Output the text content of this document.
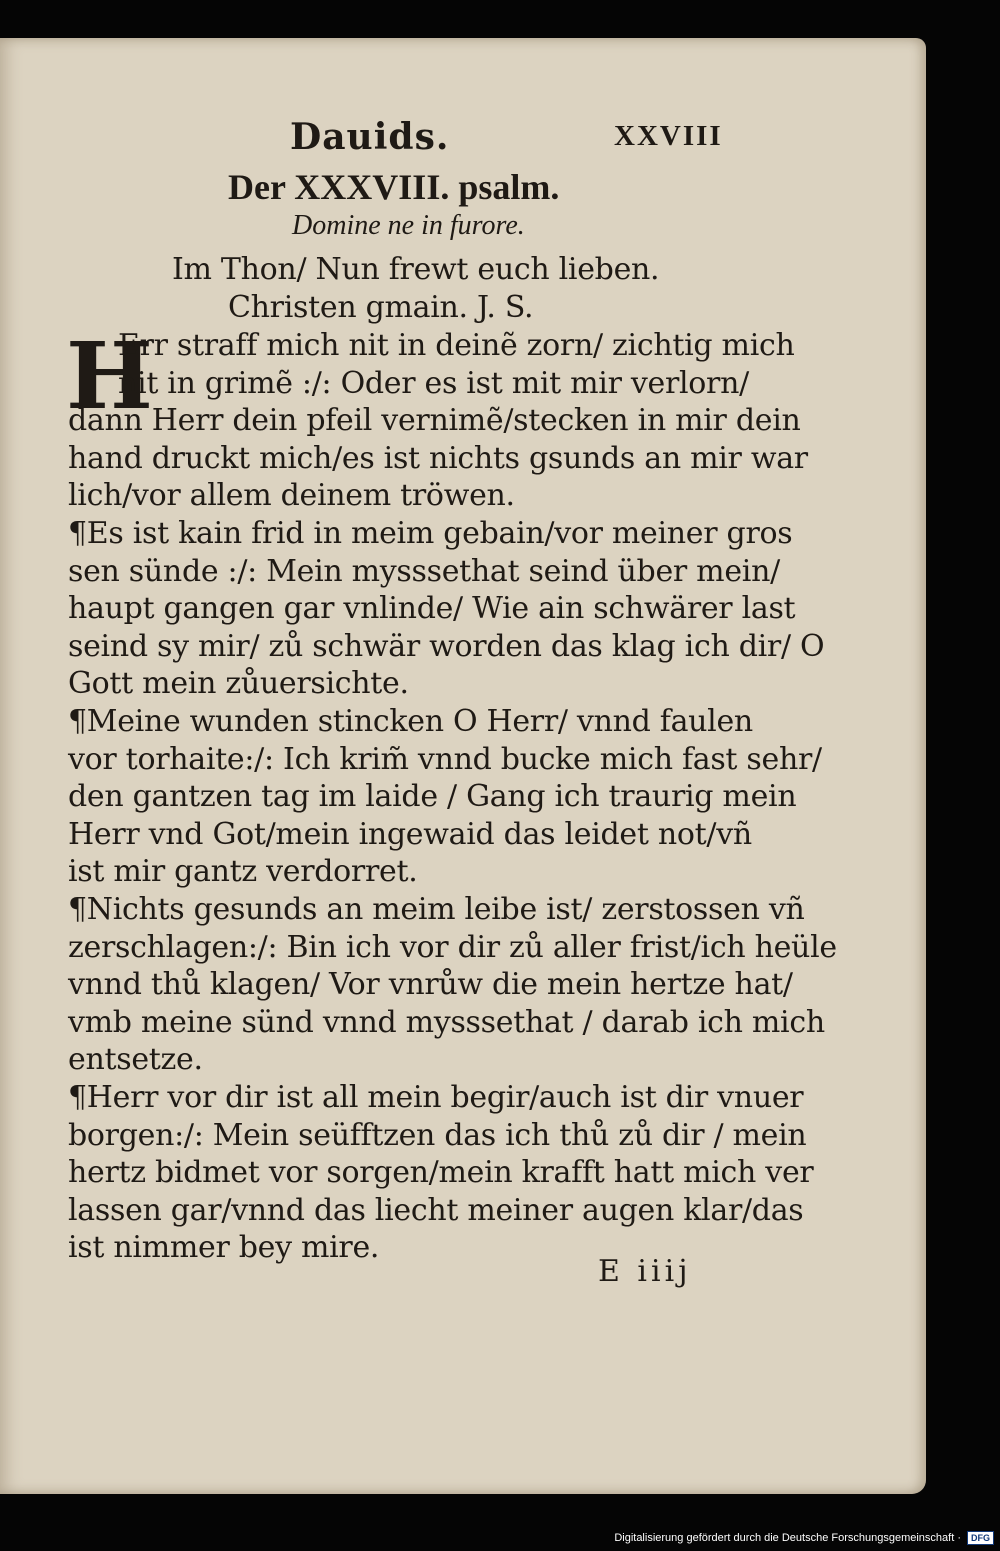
Dauids.	XXVIII
Der XXXVIII. psalm.
Domine ne in furore.
Im Thon/ Nun frewt euch lieben.
Christen gmain. J. S.
H
Err straff mich nit in deinẽ zorn/ zichtig mich
nit in grimẽ :/: Oder es ist mit mir verlorn/
dann Herr dein pfeil vernimẽ/stecken in mir dein
hand druckt mich/es ist nichts gsunds an mir war
lich/vor allem deinem tröwen.
¶Es ist kain frid in meim gebain/vor meiner gros
sen sünde :/: Mein mysssethat seind über mein/
haupt gangen gar vnlinde/ Wie ain schwärer last
seind sy mir/ zů schwär worden das klag ich dir/ O
Gott mein zůuersichte.
¶Meine wunden stincken O Herr/ vnnd faulen
vor torhaite:/: Ich krim̃ vnnd bucke mich fast sehr/
den gantzen tag im laide / Gang ich traurig mein
Herr vnd Got/mein ingewaid das leidet not/vñ
ist mir gantz verdorret.
¶Nichts gesunds an meim leibe ist/ zerstossen vñ
zerschlagen:/: Bin ich vor dir zů aller frist/ich heüle
vnnd thů klagen/ Vor vnrůw die mein hertze hat/
vmb meine sünd vnnd mysssethat / darab ich mich
entsetze.
¶Herr vor dir ist all mein begir/auch ist dir vnuer
borgen:/: Mein seüfftzen das ich thů zů dir / mein
hertz bidmet vor sorgen/mein krafft hatt mich ver
lassen gar/vnnd das liecht meiner augen klar/das
ist nimmer bey mire.
E iiij
Digitalisierung gefördert durch die Deutsche Forschungsgemeinschaft ·	DFG
